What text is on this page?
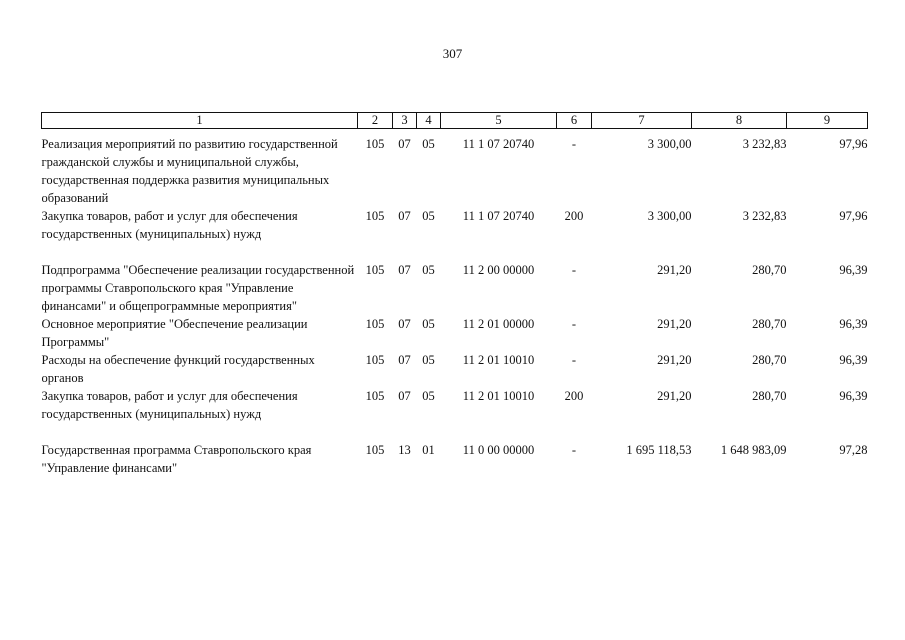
307
1	2	3	4	5	6	7	8	9

Реализация мероприятий по развитию государственной гражданской службы и муниципальной службы, государственная поддержка развития муниципальных образований	105	07	05	11 1 07 20740	-	3 300,00	3 232,83	97,96
Закупка товаров, работ и услуг для обеспечения государственных (муниципальных) нужд	105	07	05	11 1 07 20740	200	3 300,00	3 232,83	97,96

Подпрограмма "Обеспечение реализации государственной программы Ставропольского края "Управление финансами" и общепрограммные мероприятия"	105	07	05	11 2 00 00000	-	291,20	280,70	96,39
Основное мероприятие "Обеспечение реализации Программы"	105	07	05	11 2 01 00000	-	291,20	280,70	96,39
Расходы на обеспечение функций государственных органов	105	07	05	11 2 01 10010	-	291,20	280,70	96,39
Закупка товаров, работ и услуг для обеспечения государственных (муниципальных) нужд	105	07	05	11 2 01 10010	200	291,20	280,70	96,39

Государственная программа Ставропольского края "Управление финансами"	105	13	01	11 0 00 00000	-	1 695 118,53	1 648 983,09	97,28
